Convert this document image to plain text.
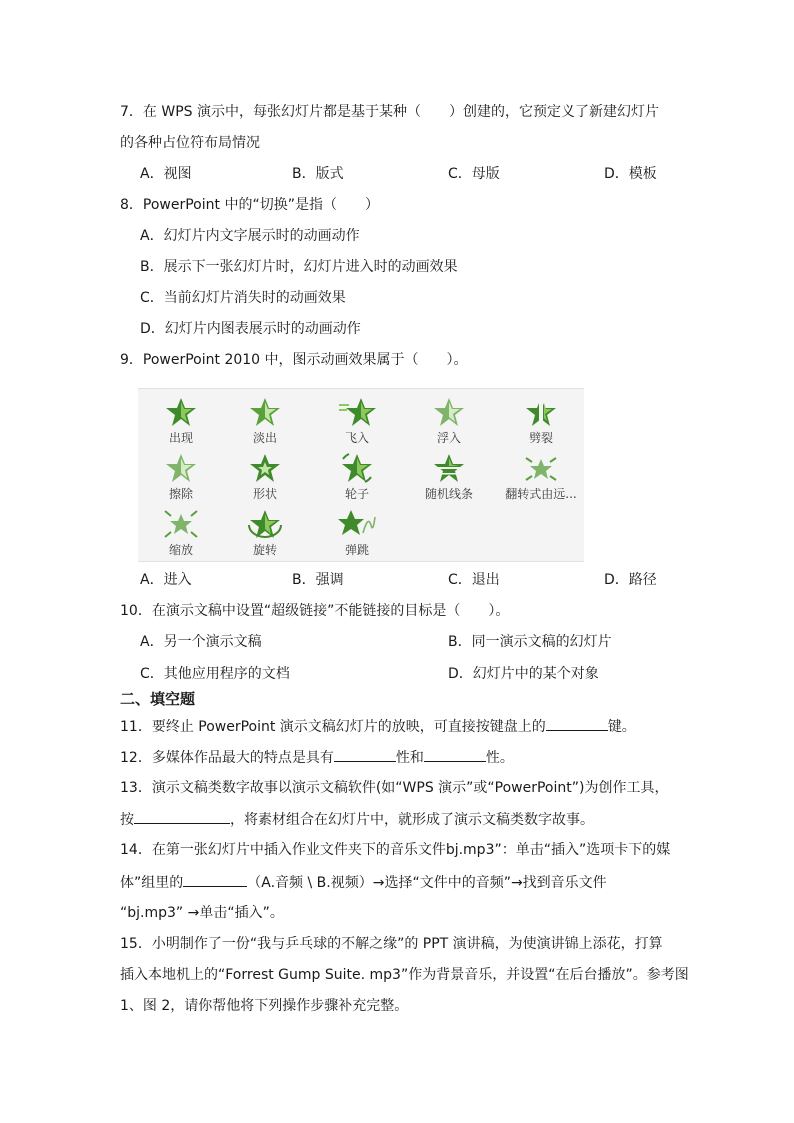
7．在 WPS 演示中，每张幻灯片都是基于某种（　　）创建的，它预定义了新建幻灯片
的各种占位符布局情况
A．视图	B．版式	C．母版	D．模板
8．PowerPoint 中的“切换”是指（　　）
A．幻灯片内文字展示时的动画动作
B．展示下一张幻灯片时，幻灯片进入时的动画效果
C．当前幻灯片消失时的动画效果
D．幻灯片内图表展示时的动画动作
9．PowerPoint 2010 中，图示动画效果属于（　　）。
出现	淡出	飞入	浮入	劈裂
擦除	形状	轮子	随机线条	翻转式由远...
缩放	旋转	弹跳
A．进入	B．强调	C．退出	D．路径
10．在演示文稿中设置“超级链接”不能链接的目标是（　　）。
A．另一个演示文稿	B．同一演示文稿的幻灯片
C．其他应用程序的文档	D．幻灯片中的某个对象
二、填空题
11．要终止 PowerPoint 演示文稿幻灯片的放映，可直接按键盘上的	键。
12．多媒体作品最大的特点是具有	性和	性。
13．演示文稿类数字故事以演示文稿软件(如“WPS 演示”或“PowerPoint”)为创作工具，
按	，将素材组合在幻灯片中，就形成了演示文稿类数字故事。
14．在第一张幻灯片中插入作业文件夹下的音乐文件bj.mp3”：单击“插入”选项卡下的媒
体”组里的	（A.音频 \ B.视频）→选择“文件中的音频”→找到音乐文件
“bj.mp3” →单击“插入”。
15．小明制作了一份“我与乒乓球的不解之缘”的 PPT 演讲稿，为使演讲锦上添花，打算
插入本地机上的“Forrest Gump Suite. mp3”作为背景音乐，并设置“在后台播放”。参考图
1、图 2，请你帮他将下列操作步骤补充完整。
